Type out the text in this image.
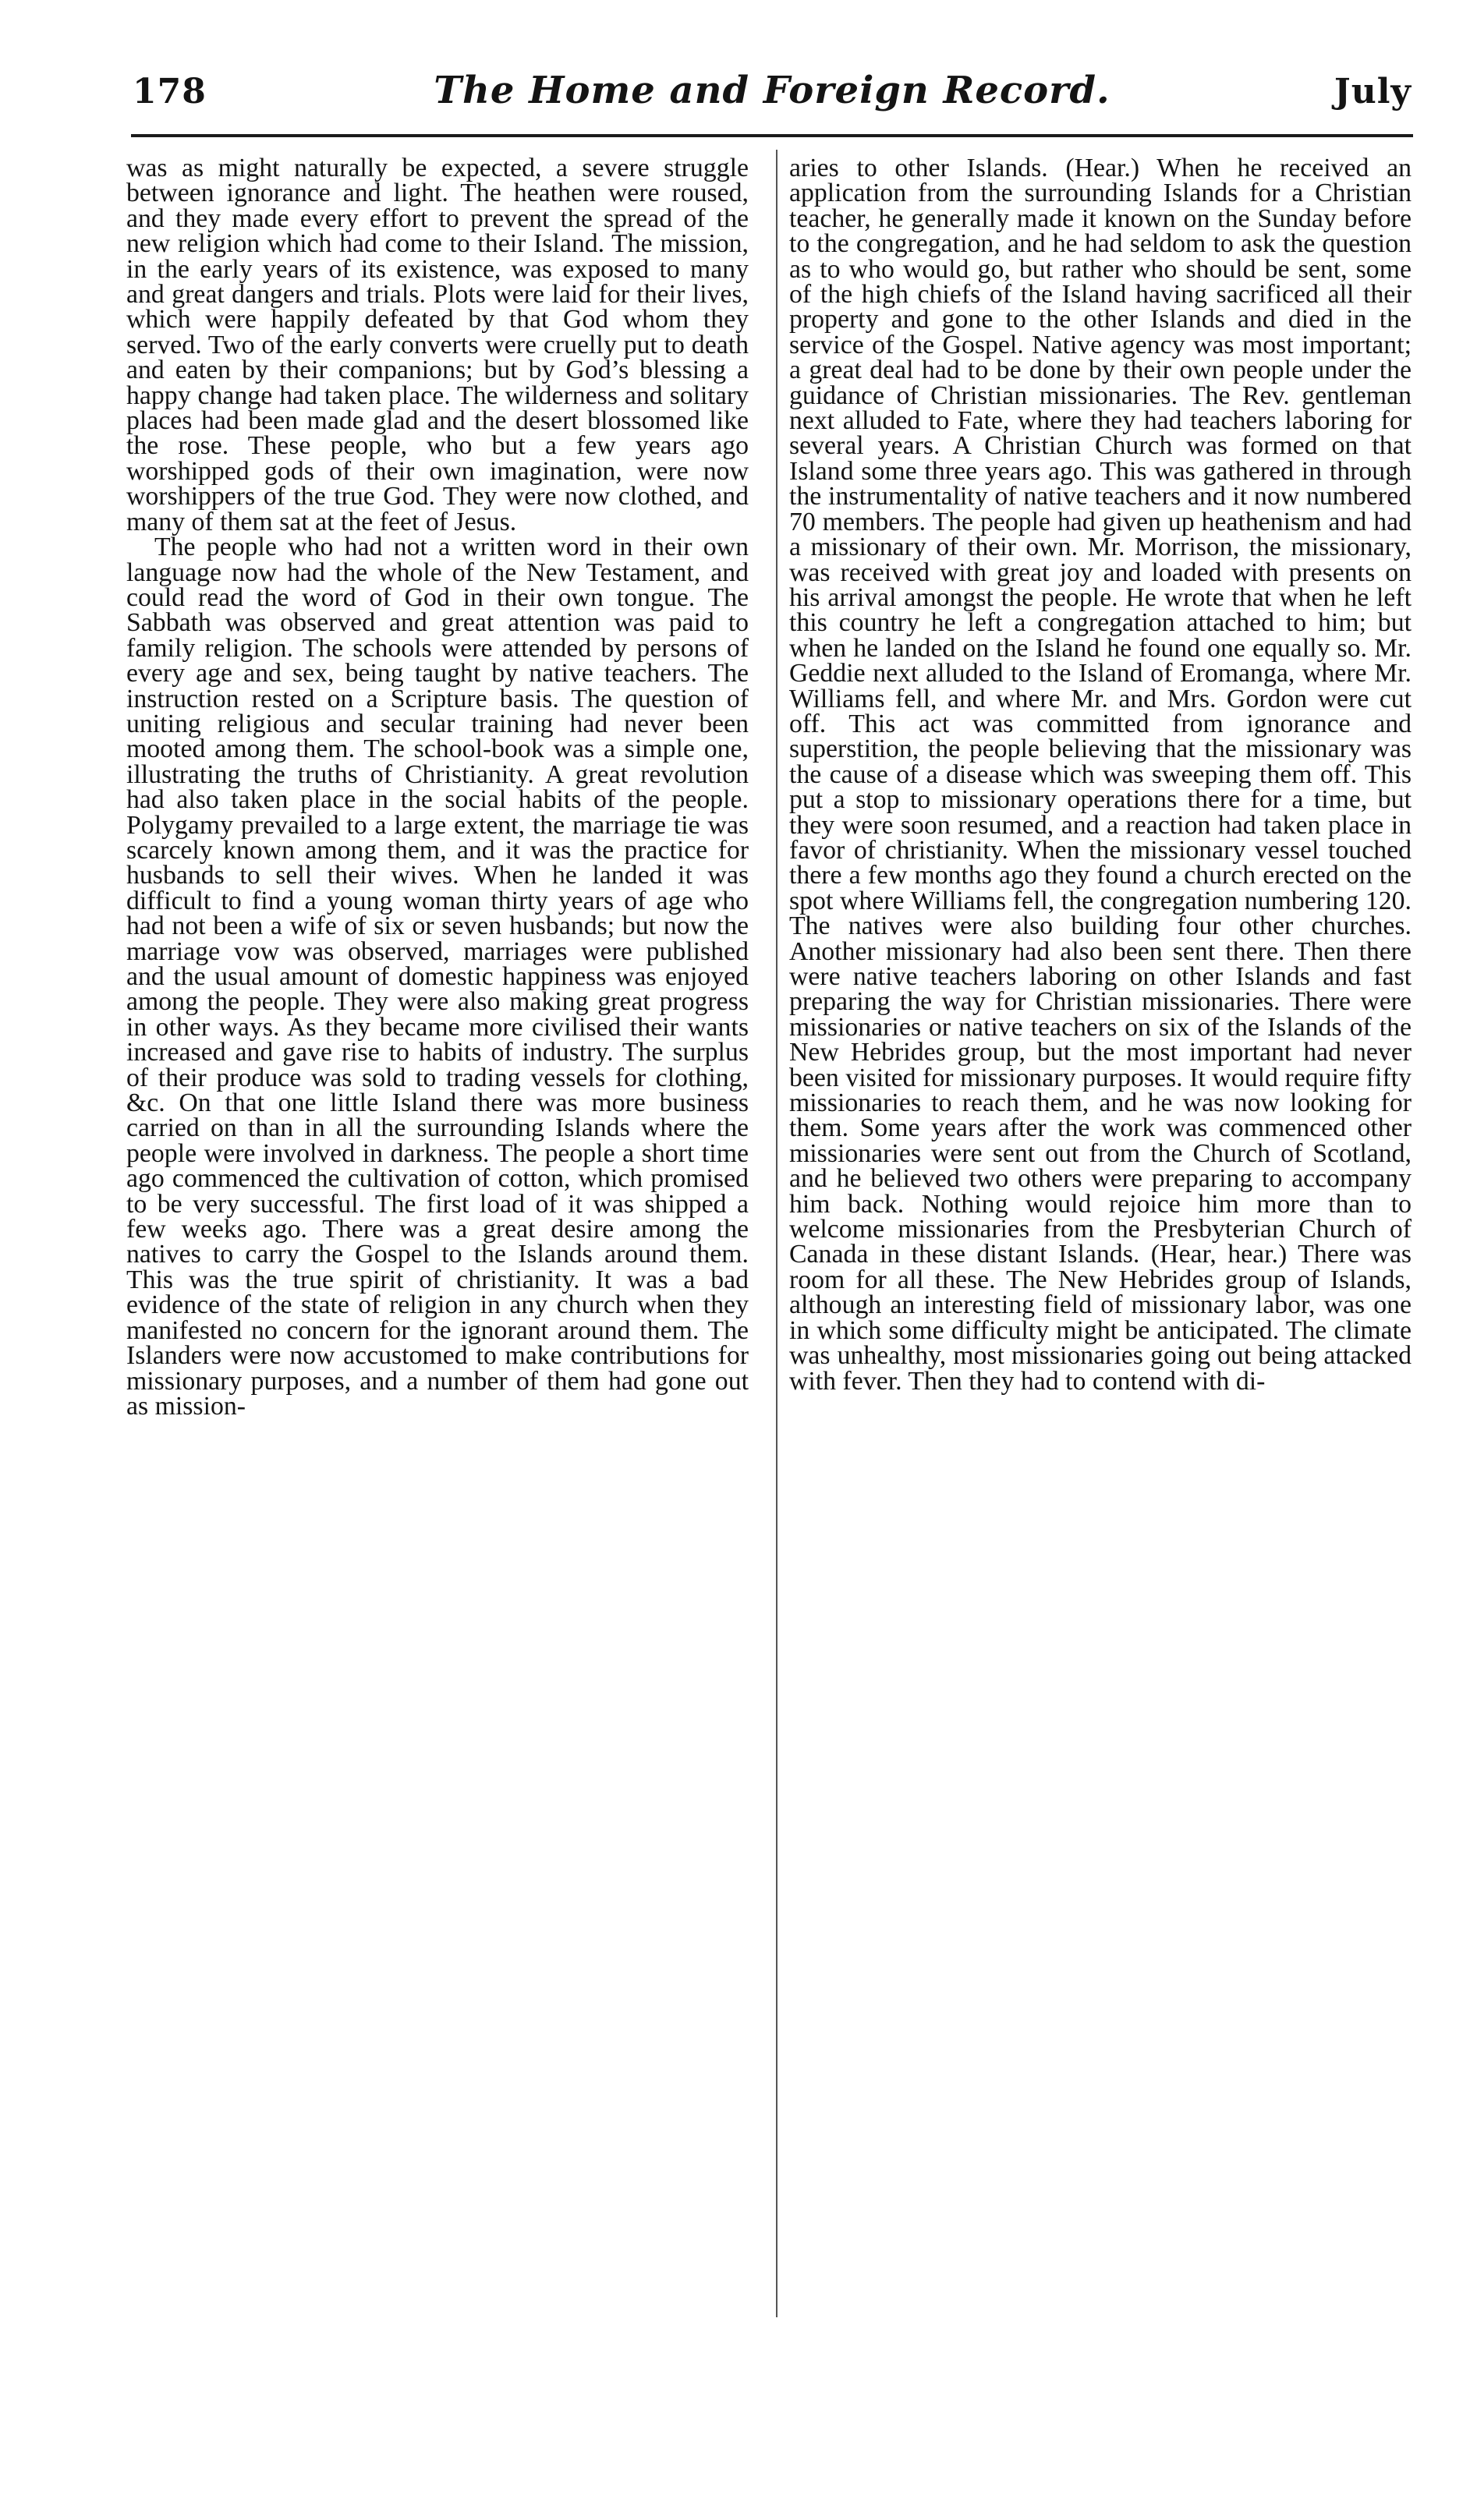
178	The Home and Foreign Record.	July

was as might naturally be expected, a severe struggle between ignorance and light. The heathen were roused, and they made every effort to prevent the spread of the new religion which had come to their Island. The mission, in the early years of its existence, was exposed to many and great dangers and trials. Plots were laid for their lives, which were happily defeated by that God whom they served. Two of the early converts were cruelly put to death and eaten by their companions; but by God’s blessing a happy change had taken place. The wilderness and solitary places had been made glad and the desert blossomed like the rose. These people, who but a few years ago worshipped gods of their own imagination, were now worshippers of the true God. They were now clothed, and many of them sat at the feet of Jesus.

The people who had not a written word in their own language now had the whole of the New Testament, and could read the word of God in their own tongue. The Sabbath was observed and great attention was paid to family religion. The schools were attended by persons of every age and sex, being taught by native teachers. The instruction rested on a Scripture basis. The question of uniting religious and secular training had never been mooted among them. The school-book was a simple one, illustrating the truths of Christianity. A great revolution had also taken place in the social habits of the people. Polygamy prevailed to a large extent, the marriage tie was scarcely known among them, and it was the practice for husbands to sell their wives. When he landed it was difficult to find a young woman thirty years of age who had not been a wife of six or seven husbands; but now the marriage vow was observed, marriages were published and the usual amount of domestic happiness was enjoyed among the people. They were also making great progress in other ways. As they became more civilised their wants increased and gave rise to habits of industry. The surplus of their produce was sold to trading vessels for clothing, &c. On that one little Island there was more business carried on than in all the surrounding Islands where the people were involved in darkness. The people a short time ago commenced the cultivation of cotton, which promised to be very successful. The first load of it was shipped a few weeks ago. There was a great desire among the natives to carry the Gospel to the Islands around them. This was the true spirit of christianity. It was a bad evidence of the state of religion in any church when they manifested no concern for the ignorant around them. The Islanders were now accustomed to make contributions for missionary purposes, and a number of them had gone out as mission-

aries to other Islands. (Hear.) When he received an application from the surrounding Islands for a Christian teacher, he generally made it known on the Sunday before to the congregation, and he had seldom to ask the question as to who would go, but rather who should be sent, some of the high chiefs of the Island having sacrificed all their property and gone to the other Islands and died in the service of the Gospel. Native agency was most important; a great deal had to be done by their own people under the guidance of Christian missionaries. The Rev. gentleman next alluded to Fate, where they had teachers laboring for several years. A Christian Church was formed on that Island some three years ago. This was gathered in through the instrumentality of native teachers and it now numbered 70 members. The people had given up heathenism and had a missionary of their own. Mr. Morrison, the missionary, was received with great joy and loaded with presents on his arrival amongst the people. He wrote that when he left this country he left a congregation attached to him; but when he landed on the Island he found one equally so. Mr. Geddie next alluded to the Island of Eromanga, where Mr. Williams fell, and where Mr. and Mrs. Gordon were cut off. This act was committed from ignorance and superstition, the people believing that the missionary was the cause of a disease which was sweeping them off. This put a stop to missionary operations there for a time, but they were soon resumed, and a reaction had taken place in favor of christianity. When the missionary vessel touched there a few months ago they found a church erected on the spot where Williams fell, the congregation numbering 120. The natives were also building four other churches. Another missionary had also been sent there. Then there were native teachers laboring on other Islands and fast preparing the way for Christian missionaries. There were missionaries or native teachers on six of the Islands of the New Hebrides group, but the most important had never been visited for missionary purposes. It would require fifty missionaries to reach them, and he was now looking for them. Some years after the work was commenced other missionaries were sent out from the Church of Scotland, and he believed two others were preparing to accompany him back. Nothing would rejoice him more than to welcome missionaries from the Presbyterian Church of Canada in these distant Islands. (Hear, hear.) There was room for all these. The New Hebrides group of Islands, although an interesting field of missionary labor, was one in which some difficulty might be anticipated. The climate was unhealthy, most missionaries going out being attacked with fever. Then they had to contend with di-
